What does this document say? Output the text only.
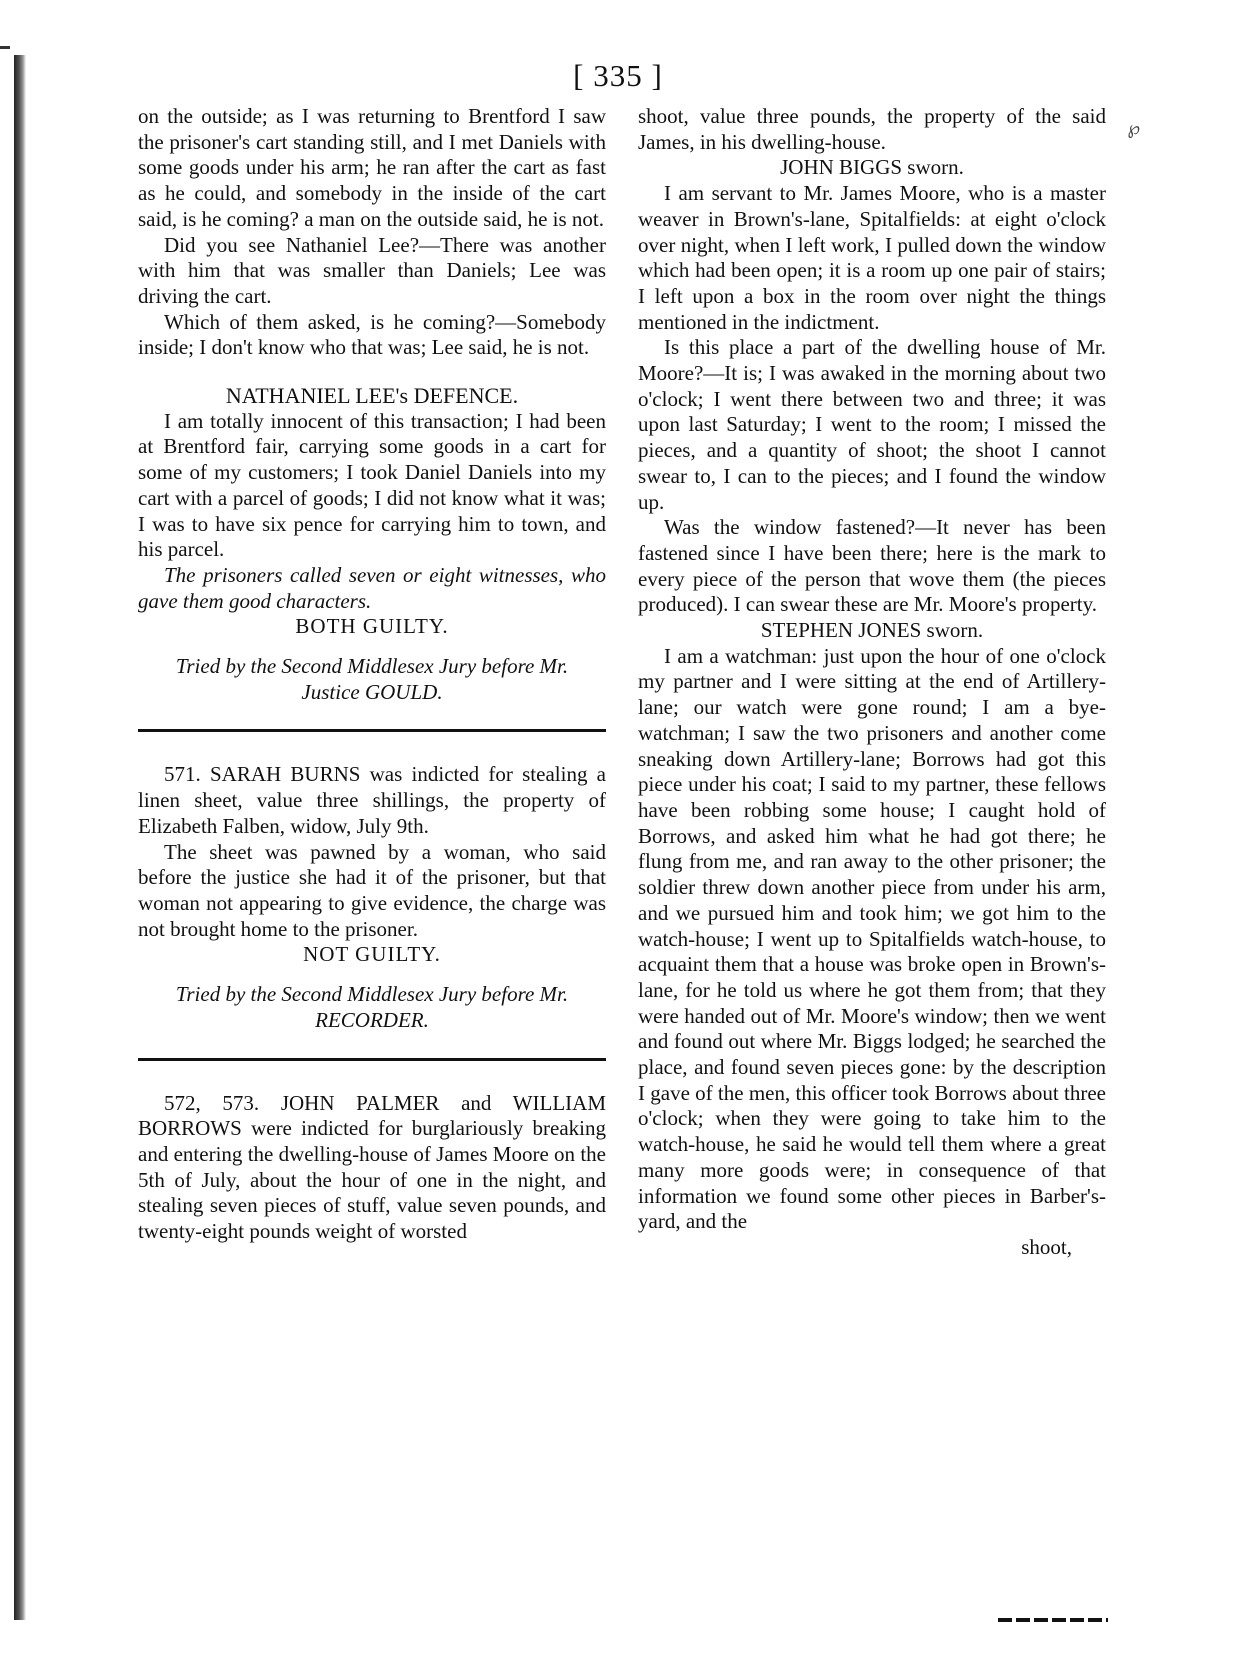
[ 335 ]
℘

on the outside; as I was returning to Brentford I saw the prisoner's cart standing still, and I met Daniels with some goods under his arm; he ran after the cart as fast as he could, and somebody in the inside of the cart said, is he coming? a man on the outside said, he is not.

Did you see Nathaniel Lee?—There was another with him that was smaller than Daniels; Lee was driving the cart.

Which of them asked, is he coming?—Somebody inside; I don't know who that was; Lee said, he is not.

NATHANIEL LEE's DEFENCE.

I am totally innocent of this transaction; I had been at Brentford fair, carrying some goods in a cart for some of my customers; I took Daniel Daniels into my cart with a parcel of goods; I did not know what it was; I was to have six pence for carrying him to town, and his parcel.

The prisoners called seven or eight witnesses, who gave them good characters.

BOTH GUILTY.

Tried by the Second Middlesex Jury before Mr. Justice GOULD.

571. SARAH BURNS was indicted for stealing a linen sheet, value three shillings, the property of Elizabeth Falben, widow, July 9th.

The sheet was pawned by a woman, who said before the justice she had it of the prisoner, but that woman not appearing to give evidence, the charge was not brought home to the prisoner.

NOT GUILTY.

Tried by the Second Middlesex Jury before Mr. RECORDER.

572, 573. JOHN PALMER and WILLIAM BORROWS were indicted for burglariously breaking and entering the dwelling-house of James Moore on the 5th of July, about the hour of one in the night, and stealing seven pieces of stuff, value seven pounds, and twenty-eight pounds weight of worsted

shoot, value three pounds, the property of the said James, in his dwelling-house.

JOHN BIGGS sworn.

I am servant to Mr. James Moore, who is a master weaver in Brown's-lane, Spitalfields: at eight o'clock over night, when I left work, I pulled down the window which had been open; it is a room up one pair of stairs; I left upon a box in the room over night the things mentioned in the indictment.

Is this place a part of the dwelling house of Mr. Moore?—It is; I was awaked in the morning about two o'clock; I went there between two and three; it was upon last Saturday; I went to the room; I missed the pieces, and a quantity of shoot; the shoot I cannot swear to, I can to the pieces; and I found the window up.

Was the window fastened?—It never has been fastened since I have been there; here is the mark to every piece of the person that wove them (the pieces produced). I can swear these are Mr. Moore's property.

STEPHEN JONES sworn.

I am a watchman: just upon the hour of one o'clock my partner and I were sitting at the end of Artillery-lane; our watch were gone round; I am a bye-watchman; I saw the two prisoners and another come sneaking down Artillery-lane; Borrows had got this piece under his coat; I said to my partner, these fellows have been robbing some house; I caught hold of Borrows, and asked him what he had got there; he flung from me, and ran away to the other prisoner; the soldier threw down another piece from under his arm, and we pursued him and took him; we got him to the watch-house; I went up to Spitalfields watch-house, to acquaint them that a house was broke open in Brown's-lane, for he told us where he got them from; that they were handed out of Mr. Moore's window; then we went and found out where Mr. Biggs lodged; he searched the place, and found seven pieces gone: by the description I gave of the men, this officer took Borrows about three o'clock; when they were going to take him to the watch-house, he said he would tell them where a great many more goods were; in consequence of that information we found some other pieces in Barber's-yard, and the

shoot,
